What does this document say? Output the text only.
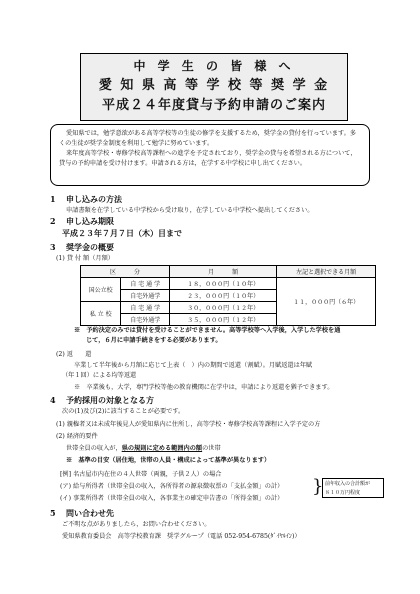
中 学 生 の 皆 様 へ
愛 知 県 高 等 学 校 等 奨 学 金
平成２４年度貸与予約申請のご案内

愛知県では，勉学意欲がある高等学校等の生徒の修学を支援するため，奨学金の貸付を行っています。多くの生徒が奨学金制度を利用して勉学に努めています。

来年度高等学校・専修学校高等課程への進学を予定されており，奨学金の貸与を希望される方について，貸与の予約申請を受け付けます。申請される方は，在学する中学校に申し出てください。

1 申し込みの方法
申請書類を在学している中学校から受け取り，在学している中学校へ提出してください。
2 申し込み期限
平成２３年７月７日（木）目まで
3 奨学金の概要
(1) 貸 付 額（月額）
区　　　分		月　　　額	左記と選択できる月額
国公立校	自 宅 通 学	１８，０００円（１０年）	１１，０００円（６年）
	自宅外通学	２３，０００円（１０年）	
私 立 校	自 宅 通 学	３０，０００円（１２年）	
	自宅外通学	３５，０００円（１２年）	
※　予約決定のみでは貸付を受けることができません。高等学校等へ入学後，入学した学校を通
じて，６月に申請手続きをする必要があります。
(2) 返　　還
卒業して半年後から月額に応じて上表（　）内の期間で返還（割賦）。月賦返還は年賦
（年１回）による均等返還
※　卒業後も，大学，専門学校等他の教育機関に在学中は，申請により返還を猶予できます。
4 予約採用の対象となる方
次の(1)及び(2)に該当することが必要です。
(1) 親権者又は未成年後見人が愛知県内に住所し，高等学校・専修学校高等課程に入学予定の方
(2) 経済的要件
世帯全員の収入が，県の規則に定める範囲内の額の世帯
※　基準の目安（居住地，世帯の人員・構成によって基準が異なります）
[例] 名古屋市内在住の４人世帯（両親，子供２人）の場合
(ア) 給与所得者（世帯全員の収入，各所得者の源泉徴収票の「支払金額」の計）
(イ) 事業所得者（世帯全員の収入，各事業主の確定申告書の「所得金額」の計）
} 前年収入の合計額が
８１０万円程度
5 問い合わせ先
ご不明な点がありましたら，お問い合わせください。
愛知県教育委員会　高等学校教育課　奨学グループ（電話 052-954-6785(ﾀﾞｲﾔﾙｲﾝ)）
